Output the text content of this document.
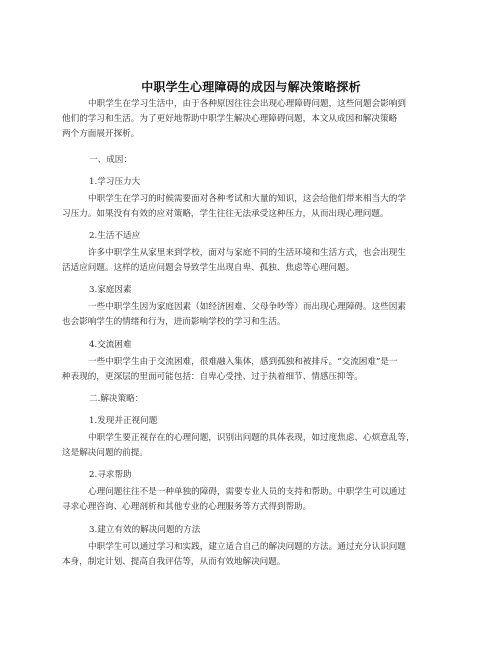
中职学生心理障碍的成因与解决策略探析
中职学生在学习生活中，由于各种原因往往会出现心理障碍问题，这些问题会影响到
他们的学习和生活。为了更好地帮助中职学生解决心理障碍问题，本文从成因和解决策略
两个方面展开探析。
一、成因：
1.学习压力大
中职学生在学习的时候需要面对各种考试和大量的知识，这会给他们带来相当大的学
习压力。如果没有有效的应对策略，学生往往无法承受这种压力，从而出现心理问题。
2.生活不适应
许多中职学生从家里来到学校，面对与家庭不同的生活环境和生活方式，也会出现生
活适应问题。这样的适应问题会导致学生出现自卑、孤独、焦虑等心理问题。
3.家庭因素
一些中职学生因为家庭因素（如经济困难、父母争吵等）而出现心理障碍。这些因素
也会影响学生的情绪和行为，进而影响学校的学习和生活。
4.交流困难
一些中职学生由于交流困难，很难融入集体，感到孤独和被排斥。“交流困难”是一
种表现的，更深层的里面可能包括：自卑心受挫、过于执着细节、情感压抑等。
二.解决策略：
1.发现并正视问题
中职学生要正视存在的心理问题，识别出问题的具体表现，如过度焦虑、心烦意乱等，
这是解决问题的前提。
2.寻求帮助
心理问题往往不是一种单独的障碍，需要专业人员的支持和帮助。中职学生可以通过
寻求心理咨询、心理剖析和其他专业的心理服务等方式得到帮助。
3.建立有效的解决问题的方法
中职学生可以通过学习和实践，建立适合自己的解决问题的方法。通过充分认识问题
本身，制定计划、提高自我评估等，从而有效地解决问题。
